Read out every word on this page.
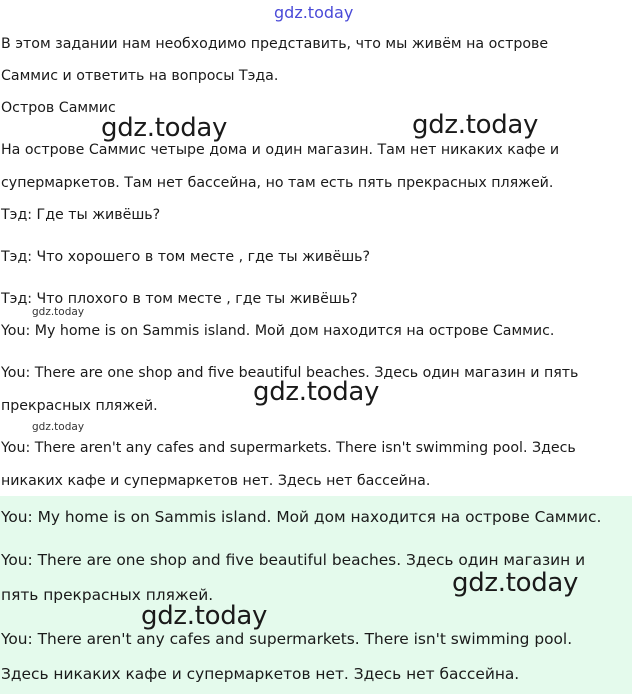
gdz.today
В этом задании нам необходимо представить, что мы живём на острове
Саммис и ответить на вопросы Тэда.
Остров Саммис
На острове Саммис четыре дома и один магазин. Там нет никаких кафе и
супермаркетов. Там нет бассейна, но там есть пять прекрасных пляжей.
Тэд: Где ты живёшь?
Тэд: Что хорошего в том месте , где ты живёшь?
Тэд: Что плохого в том месте , где ты живёшь?
You: My home is on Sammis island. Мой дом находится на острове Саммис.
You: There are one shop and five beautiful beaches. Здесь один магазин и пять
прекрасных пляжей.
You: There aren't any cafes and supermarkets. There isn't swimming pool. Здесь
никаких кафе и супермаркетов нет. Здесь нет бассейна.
You: My home is on Sammis island. Мой дом находится на острове Саммис.
You: There are one shop and five beautiful beaches. Здесь один магазин и
пять прекрасных пляжей.
You: There aren't any cafes and supermarkets. There isn't swimming pool.
Здесь никаких кафе и супермаркетов нет. Здесь нет бассейна.
gdz.today	gdz.today
gdz.today
gdz.today
gdz.today
gdz.today
gdz.today
